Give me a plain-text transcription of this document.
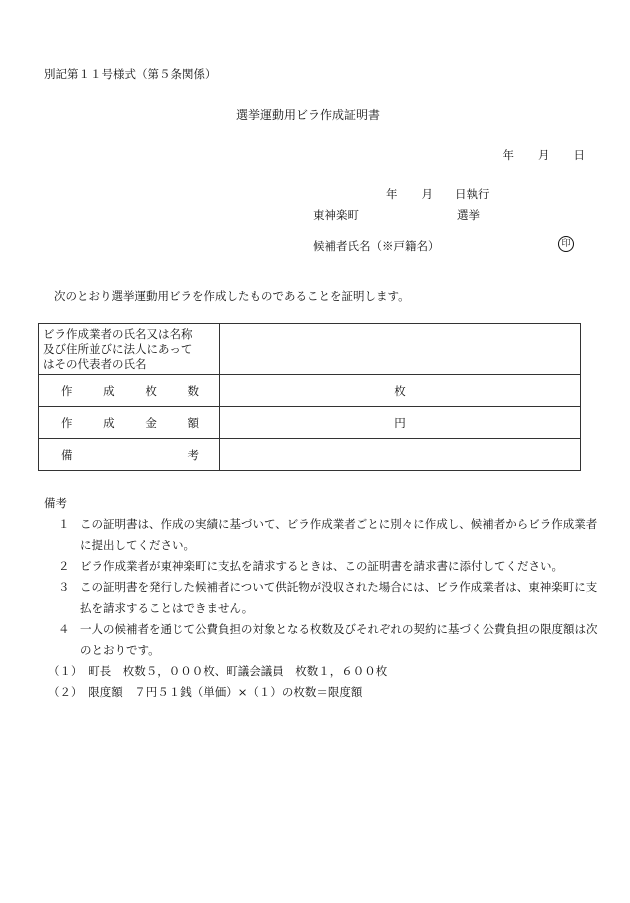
別記第１１号様式（第５条関係）
選挙運動用ビラ作成証明書
年 月 日
年 月 日執行
東神楽町	選挙
候補者氏名（※戸籍名）	印
次のとおり選挙運動用ビラを作成したものであることを証明します。
ビラ作成業者の氏名又は名称
及び住所並びに法人にあって
はその代表者の氏名	

作 成 枚 数	枚

作 成 金 額	円

備 考	

備考
１ この証明書は、作成の実績に基づいて、ビラ作成業者ごとに別々に作成し、候補者からビラ作成業者に提出してください。
２ ビラ作成業者が東神楽町に支払を請求するときは、この証明書を請求書に添付してください。
３ この証明書を発行した候補者について供託物が没収された場合には、ビラ作成業者は、東神楽町に支払を請求することはできません。
４ 一人の候補者を通じて公費負担の対象となる枚数及びそれぞれの契約に基づく公費負担の限度額は次のとおりです。
（１）　町長　枚数５，０００枚、町議会議員　枚数１，６００枚
（２）　限度額　７円５１銭（単価）×（１）の枚数＝限度額
